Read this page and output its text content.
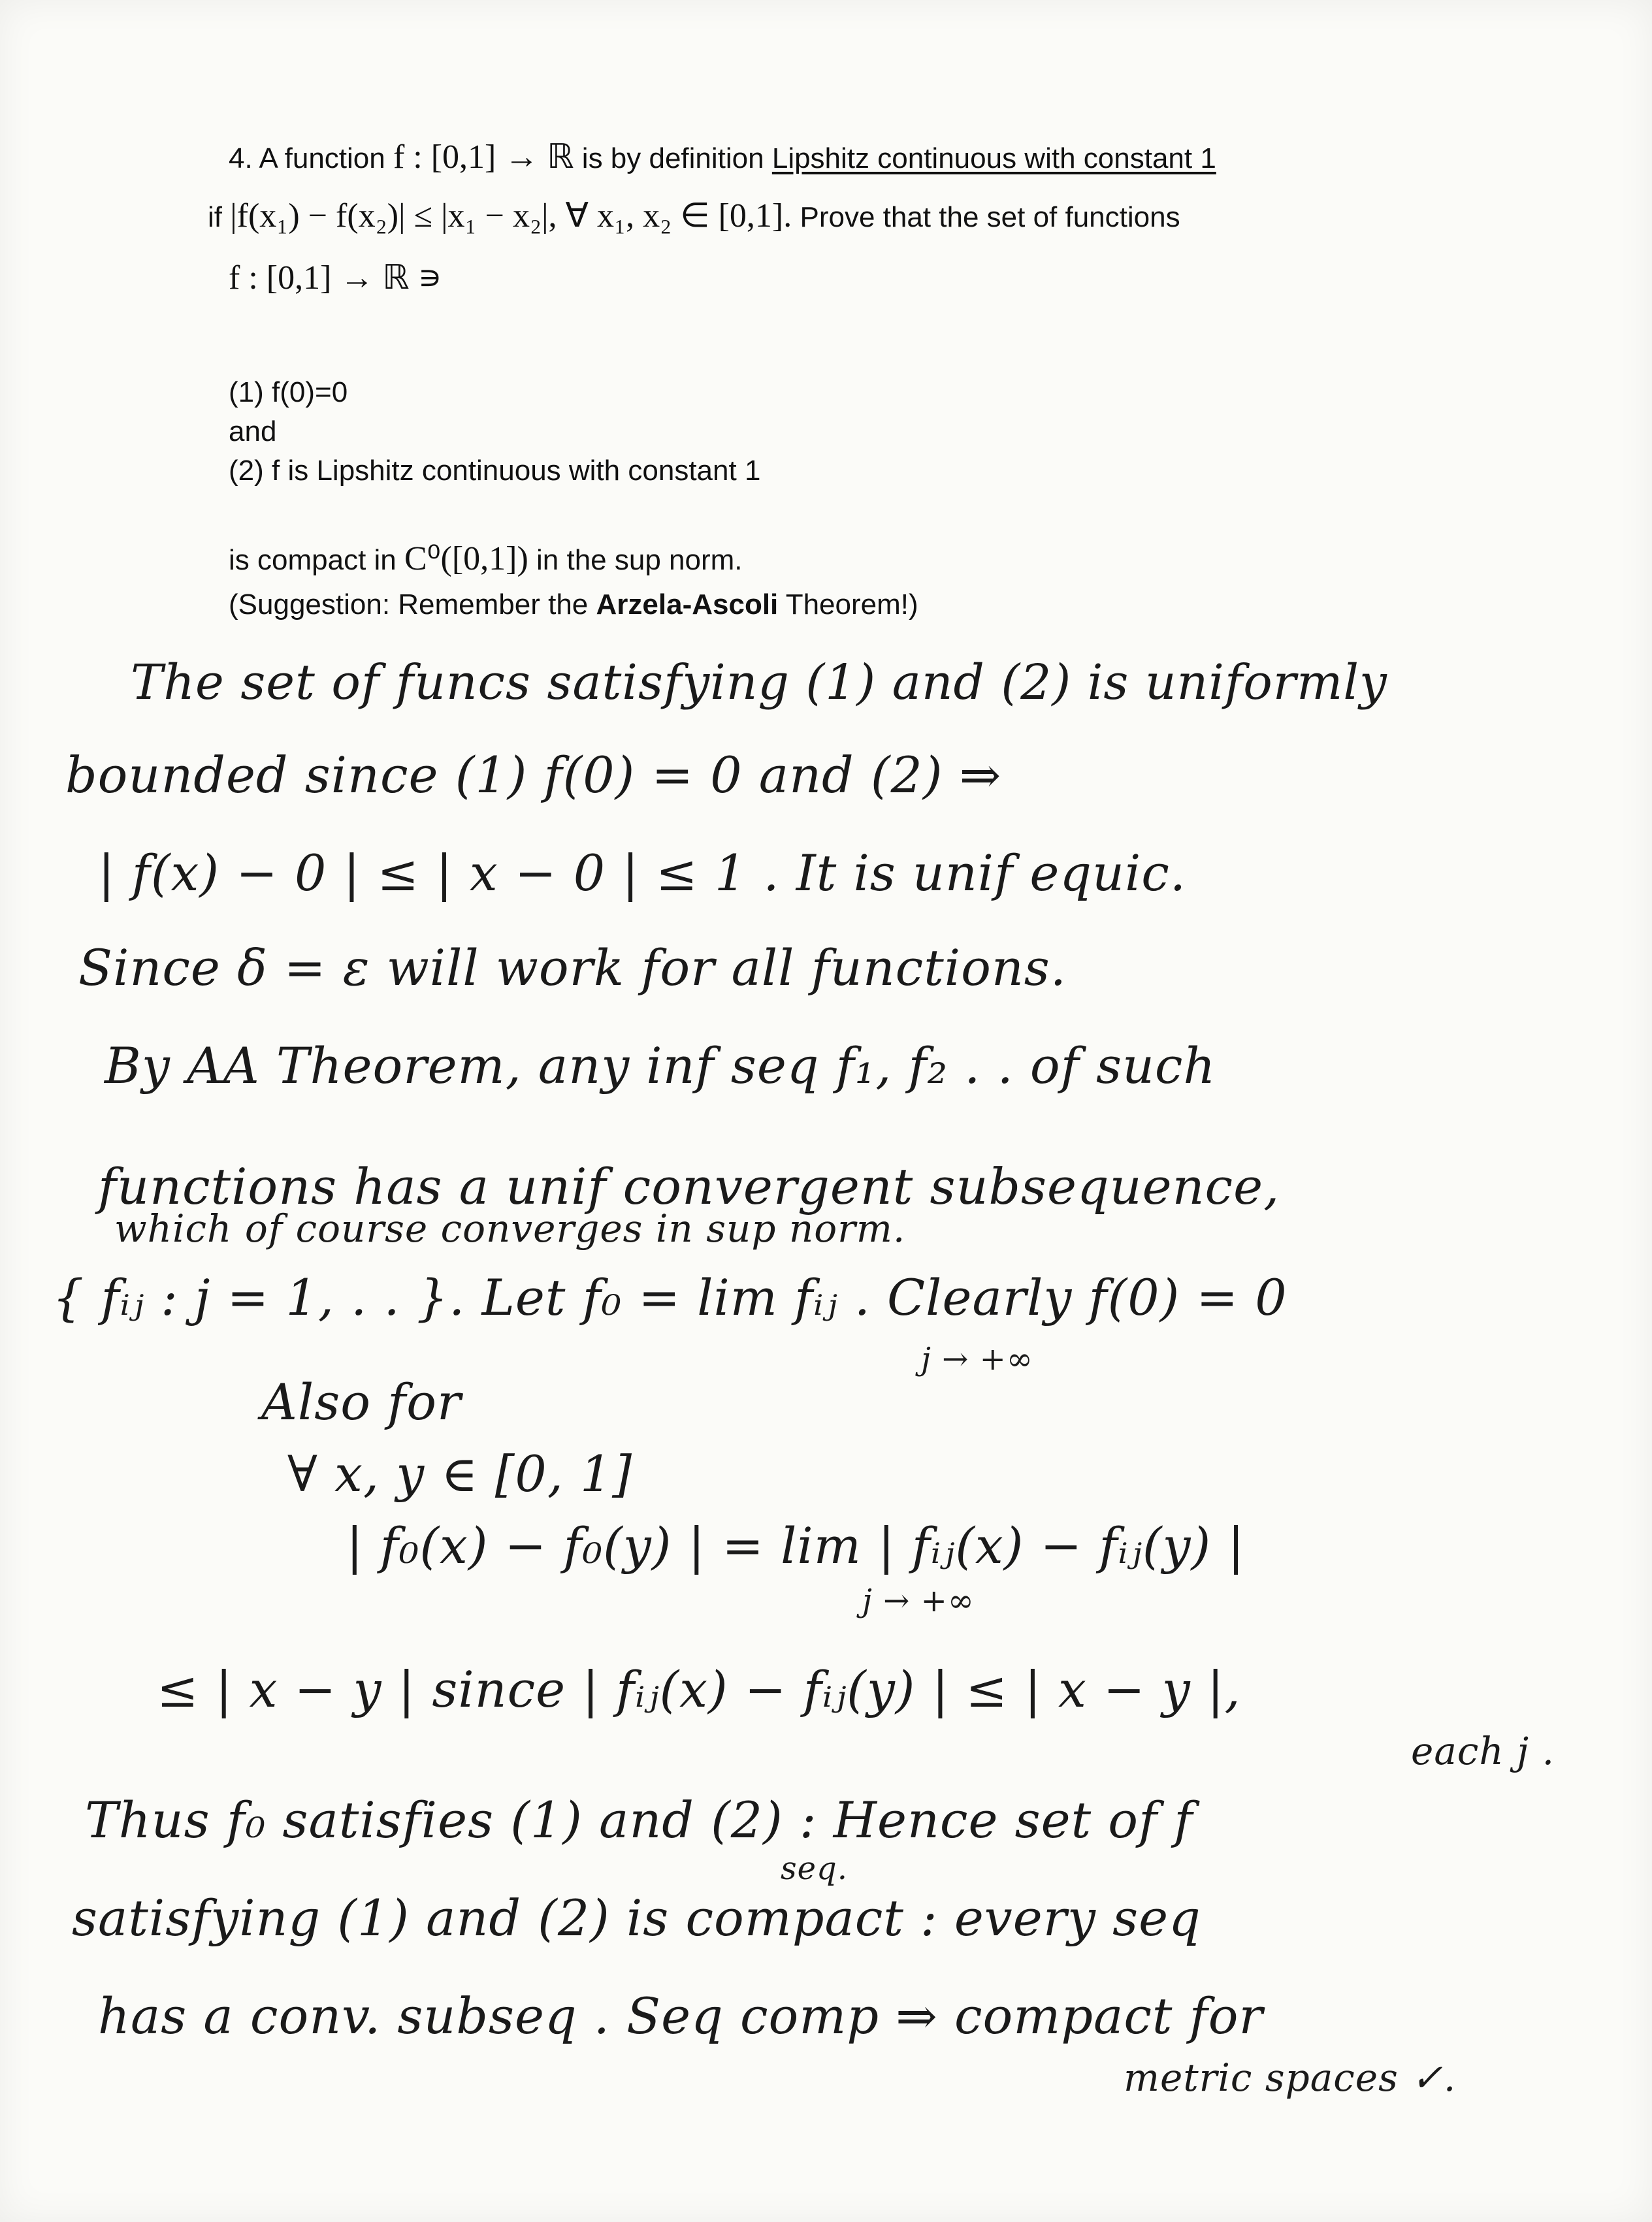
4. A function f : [0,1] → ℝ is by definition Lipshitz continuous with constant 1
if |f(x₁) − f(x₂)| ≤ |x₁ − x₂|, ∀ x₁, x₂ ∈ [0,1]. Prove that the set of functions
f : [0,1] → ℝ ∍
(1) f(0)=0
and
(2) f is Lipshitz continuous with constant 1
is compact in C⁰([0,1]) in the sup norm.
(Suggestion: Remember the Arzela-Ascoli Theorem!)
The set of funcs satisfying (1) and (2) is uniformly
bounded since (1) f(0) = 0 and (2) ⇒
| f(x) − 0 | ≤ | x − 0 | ≤ 1 . It is unif equic.
Since δ = ε will work for all functions.
By AA Theorem, any inf seq f₁, f₂ . . of such
functions has a unif convergent subsequence,
which of course converges in sup norm.
{ fᵢⱼ : j = 1, . . }. Let f₀ = lim fᵢⱼ . Clearly f(0) = 0
j → +∞
Also for
∀ x, y ∈ [0, 1]
| f₀(x) − f₀(y) | = lim | fᵢⱼ(x) − fᵢⱼ(y) |
j → +∞
≤ | x − y | since | fᵢⱼ(x) − fᵢⱼ(y) | ≤ | x − y |,
each j .
Thus f₀ satisfies (1) and (2) : Hence set of f
seq.
satisfying (1) and (2) is compact : every seq
has a conv. subseq . Seq comp ⇒ compact for
metric spaces ✓.
